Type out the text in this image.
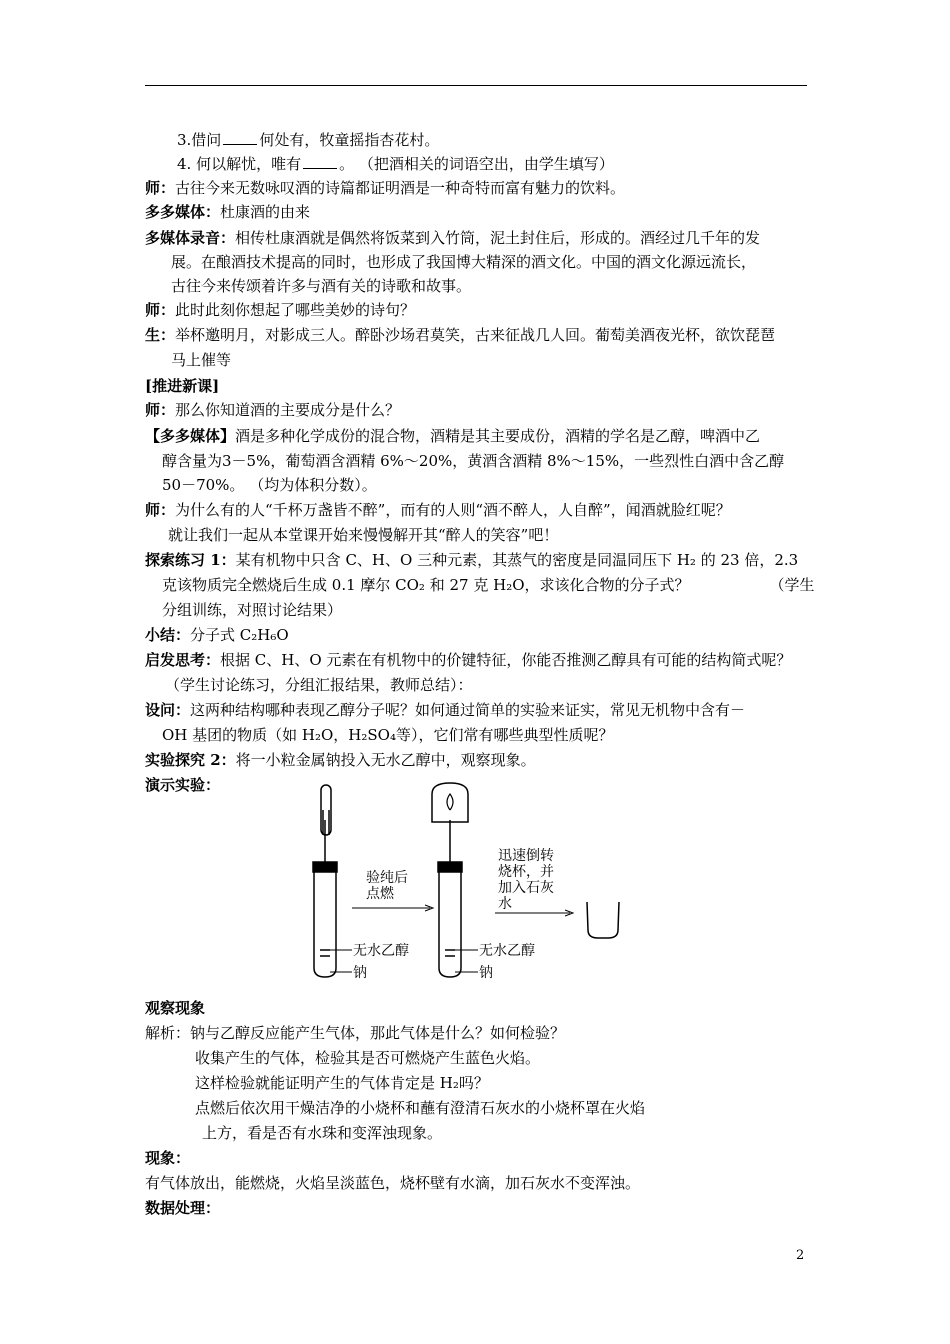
3.借问	何处有，牧童摇指杏花村。
4. 何以解忧，唯有	。 （把酒相关的词语空出，由学生填写）
师：古往今来无数咏叹酒的诗篇都证明酒是一种奇特而富有魅力的饮料。
多多媒体：杜康酒的由来
多媒体录音：相传杜康酒就是偶然将饭菜到入竹筒，泥土封住后，形成的。酒经过几千年的发
展。在酿酒技术提高的同时，也形成了我国博大精深的酒文化。中国的酒文化源远流长，
古往今来传颂着许多与酒有关的诗歌和故事。
师：此时此刻你想起了哪些美妙的诗句？
生：举杯邀明月，对影成三人。醉卧沙场君莫笑，古来征战几人回。葡萄美酒夜光杯，欲饮琵琶
马上催等
[推进新课]
师：那么你知道酒的主要成分是什么？
【多多媒体】酒是多种化学成份的混合物，酒精是其主要成份，酒精的学名是乙醇，啤酒中乙
醇含量为3－5%，葡萄酒含酒精 6%～20%，黄酒含酒精 8%～15%，一些烈性白酒中含乙醇
50－70%。 （均为体积分数）。
师：为什么有的人“千杯万盏皆不醉”，而有的人则“酒不醉人，人自醉”，闻酒就脸红呢？
就让我们一起从本堂课开始来慢慢解开其“醉人的笑容”吧！
探索练习 1：某有机物中只含 C、H、O 三种元素，其蒸气的密度是同温同压下 H₂ 的 23 倍，2.3
克该物质完全燃烧后生成 0.1 摩尔 CO₂ 和 27 克 H₂O，求该化合物的分子式？	（学生
分组训练，对照讨论结果）
小结：分子式 C₂H₆O
启发思考：根据 C、H、O 元素在有机物中的价键特征，你能否推测乙醇具有可能的结构简式呢？
（学生讨论练习，分组汇报结果，教师总结）：
设问：这两种结构哪种表现乙醇分子呢？如何通过简单的实验来证实，常见无机物中含有－
OH 基团的物质（如 H₂O，H₂SO₄等），它们常有哪些典型性质呢？
实验探究 2：将一小粒金属钠投入无水乙醇中，观察现象。
演示实验：
验纯后
点燃
迅速倒转
烧杯，并
加入石灰
水
无水乙醇
钠
无水乙醇
钠
观察现象
解析：钠与乙醇反应能产生气体，那此气体是什么？如何检验？
收集产生的气体，检验其是否可燃烧产生蓝色火焰。
这样检验就能证明产生的气体肯定是 H₂吗？
点燃后依次用干燥洁净的小烧杯和蘸有澄清石灰水的小烧杯罩在火焰
上方，看是否有水珠和变浑浊现象。
现象：
有气体放出，能燃烧，火焰呈淡蓝色，烧杯壁有水滴，加石灰水不变浑浊。
数据处理：
2
